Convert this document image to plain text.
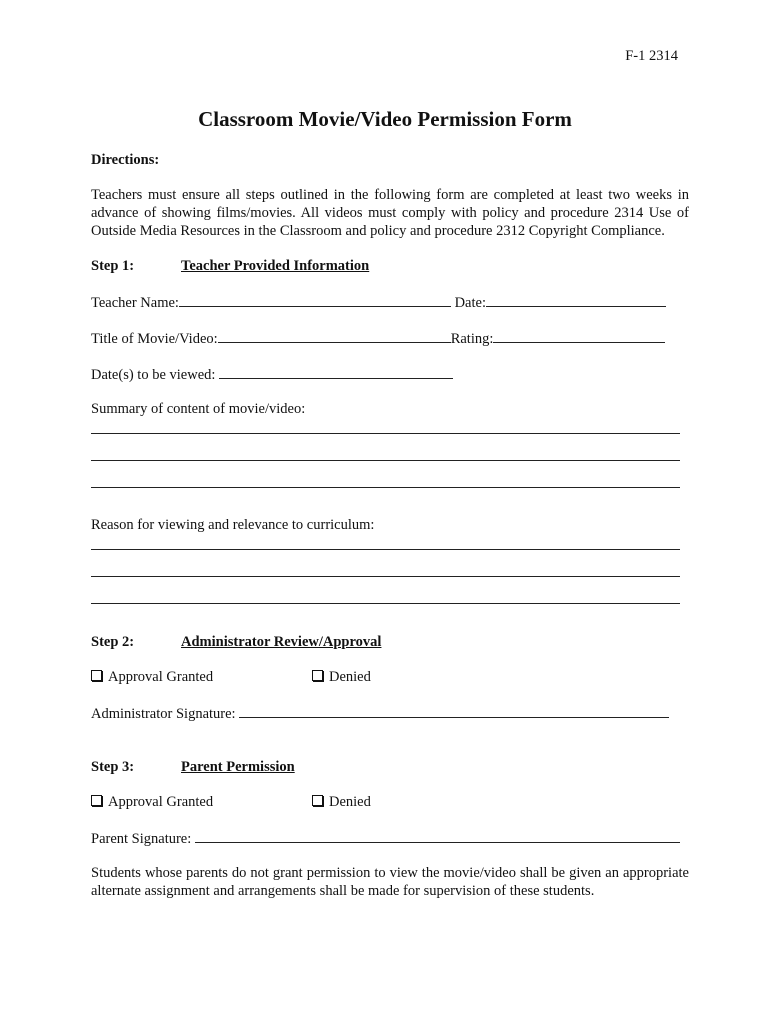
F-1 2314
Classroom Movie/Video Permission Form
Directions:
Teachers must ensure all steps outlined in the following form are completed at least two weeks in advance of showing films/movies. All videos must comply with policy and procedure 2314 Use of Outside Media Resources in the Classroom and policy and procedure 2312 Copyright Compliance.
Step 1:	Teacher Provided Information
Teacher Name:	Date:
Title of Movie/Video:	Rating:
Date(s) to be viewed:
Summary of content of movie/video:
Reason for viewing and relevance to curriculum:
Step 2:	Administrator Review/Approval
Approval Granted	Denied
Administrator Signature:
Step 3:	Parent Permission
Approval Granted	Denied
Parent Signature:
Students whose parents do not grant permission to view the movie/video shall be given an appropriate alternate assignment and arrangements shall be made for supervision of these students.
